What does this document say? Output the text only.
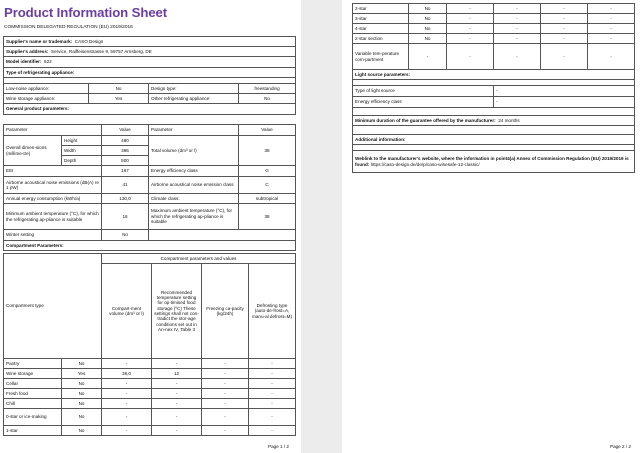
Product Information Sheet
COMMISSION DELEGATED REGULATION (EU) 2019/2016
Supplier's name or trademark: CASO Design			
Supplier's address: Service, Raiffeisenstrasse 9, 59757 Arnsberg, DE			
Model identifier: 622			
Type of refrigerating appliance:			

Low-noise appliance:	No	Design type:	freestanding
Wine storage appliance:	Yes	Other refrigerating appliance:	No
General product parameters:			
Parameter		Value	Parameter	Value
Overall dimen-sions (millime-tre)	Height	480	Total volume (dm³ or l)	38
	Width	395		
	Depth	500		
EEI		167	Energy efficiency class	G
Airborne acoustical noise emissions (dB(A) re 1 pW)		41	Airborne acoustical noise emission class	C
Annual energy consumption (kWh/a)		130,0	Climate class:	subtropical
Minimum ambient temperature (°C), for which the refrigerating ap-pliance is suitable		16	Maximum ambient temperature (°C), for which the refrigerating ap-pliance is suitable	38
Winter setting		No		
Compartment Parameters:				
Compartment type		Compartment parameters and values			
		Compart-ment volume (dm³ or l)	Recommended temperature setting for op-timised food storage (ºC) These settings shall not con-tradict the stor-age conditions set out in An-nex IV, Table 3	Freezing ca-pacity (kg/24h)	Defrosting type (auto-de-frost=A, manu-al defrost=M)
Pantry	No	-	-	-	-
Wine storage	Yes	38,0	12	-	-
Cellar	No	-	-	-	-
Fresh food	No	-	-	-	-
Chill	No	-	-	-	-
0-star or ice-making	No	-	-	-	-
1-star	No	-	-	-	-
Page 1 / 2
2-star	No	-	-	-	-
3-star	No	-	-	-	-
4-star	No	-	-	-	-
2-star section	No	-	-	-	-
Variable tem-perature com-partment	-	-	-	-	-
Light source parameters:					

Type of light source			-		
Energy efficiency class			-		

Minimum duration of the guarantee offered by the manufacturer: 24 months					

Additional information:					

Weblink to the manufacturer's website, where the information in point4(a) Annex of Commission Regulation (EU) 2019/2019 is found: https://caso-design.de/de/p/caso-winesafe-12-classic/					
Page 2 / 2
